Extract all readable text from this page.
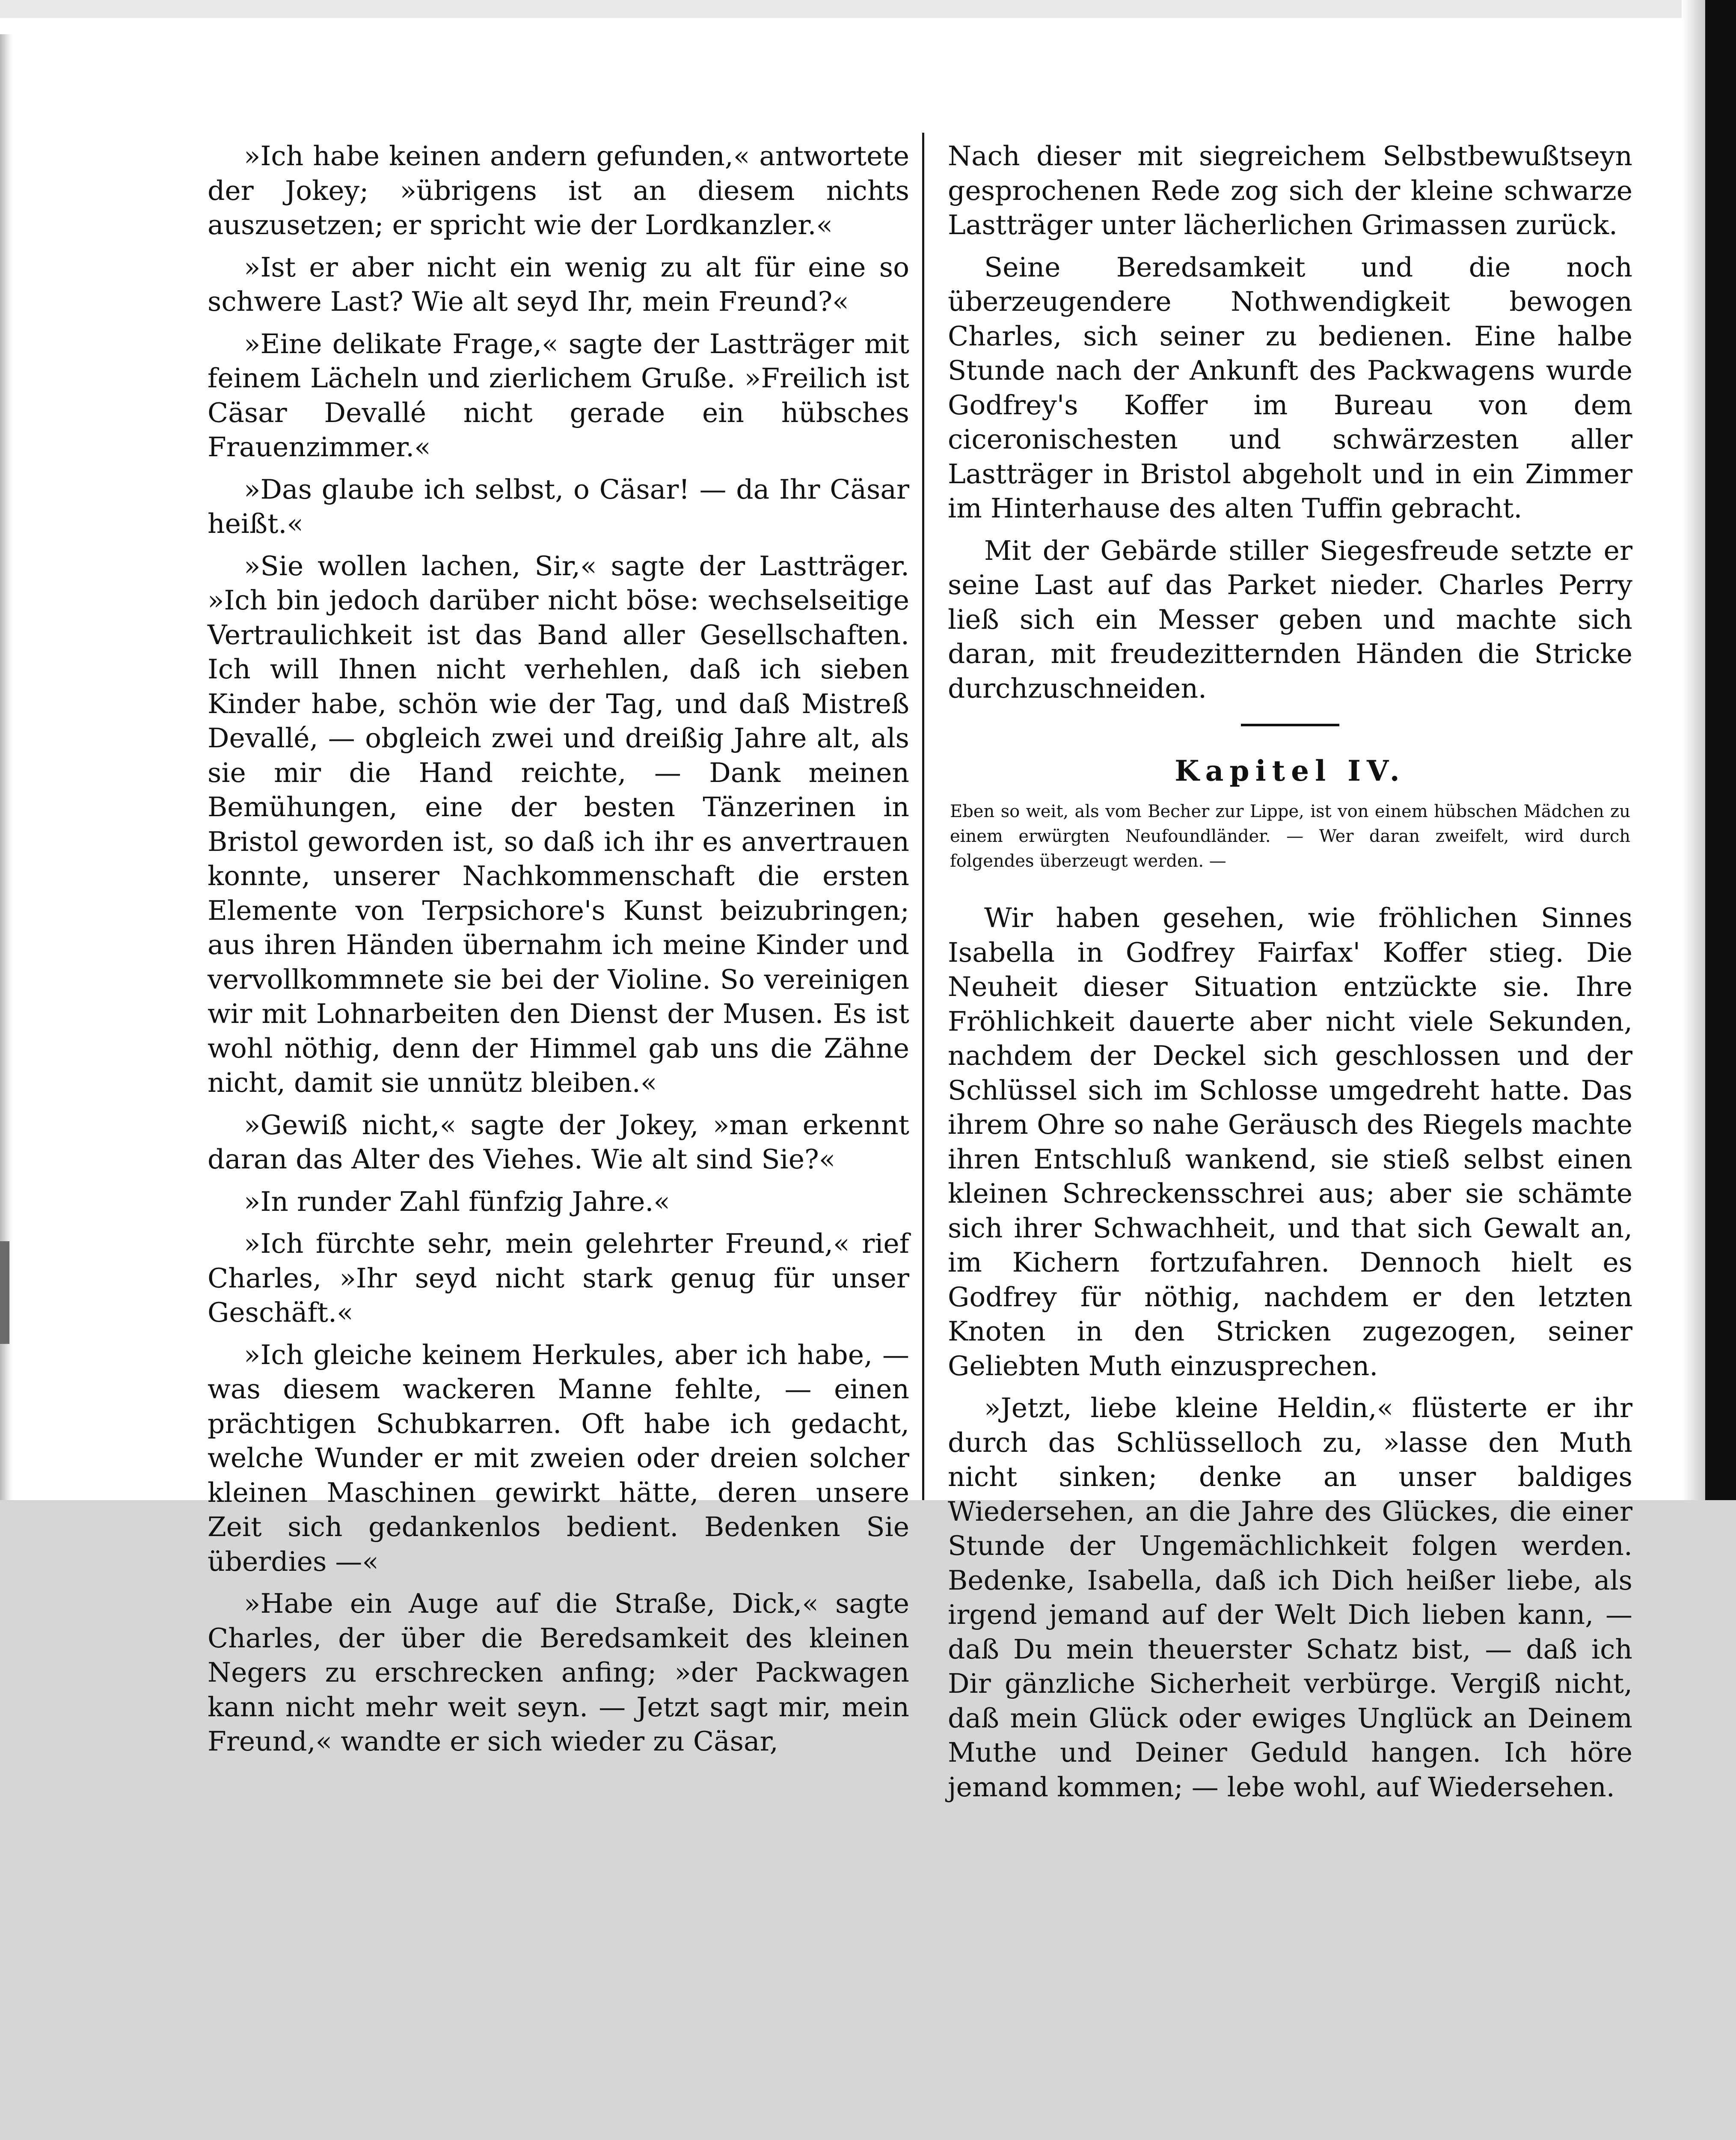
»Ich habe keinen andern gefunden,« antwortete der Jokey; »übrigens ist an diesem nichts auszusetzen; er spricht wie der Lordkanzler.«

»Ist er aber nicht ein wenig zu alt für eine so schwere Last? Wie alt seyd Ihr, mein Freund?«

»Eine delikate Frage,« sagte der Lastträger mit feinem Lächeln und zierlichem Gruße. »Freilich ist Cäsar Devallé nicht gerade ein hübsches Frauenzimmer.«

»Das glaube ich selbst, o Cäsar! — da Ihr Cäsar heißt.«

»Sie wollen lachen, Sir,« sagte der Lastträger. »Ich bin jedoch darüber nicht böse: wechselseitige Vertraulichkeit ist das Band aller Gesellschaften. Ich will Ihnen nicht verhehlen, daß ich sieben Kinder habe, schön wie der Tag, und daß Mistreß Devallé, — obgleich zwei und dreißig Jahre alt, als sie mir die Hand reichte, — Dank meinen Bemühungen, eine der besten Tänzerinen in Bristol geworden ist, so daß ich ihr es anvertrauen konnte, unserer Nachkommenschaft die ersten Elemente von Terpsichore's Kunst beizubringen; aus ihren Händen übernahm ich meine Kinder und vervollkommnete sie bei der Violine. So vereinigen wir mit Lohnarbeiten den Dienst der Musen. Es ist wohl nöthig, denn der Himmel gab uns die Zähne nicht, damit sie unnütz bleiben.«

»Gewiß nicht,« sagte der Jokey, »man erkennt daran das Alter des Viehes. Wie alt sind Sie?«

»In runder Zahl fünfzig Jahre.«

»Ich fürchte sehr, mein gelehrter Freund,« rief Charles, »Ihr seyd nicht stark genug für unser Geschäft.«

»Ich gleiche keinem Herkules, aber ich habe, — was diesem wackeren Manne fehlte, — einen prächtigen Schubkarren. Oft habe ich gedacht, welche Wunder er mit zweien oder dreien solcher kleinen Maschinen gewirkt hätte, deren unsere Zeit sich gedankenlos bedient. Bedenken Sie überdies —«

»Habe ein Auge auf die Straße, Dick,« sagte Charles, der über die Beredsamkeit des kleinen Negers zu erschrecken anfing; »der Packwagen kann nicht mehr weit seyn. — Jetzt sagt mir, mein Freund,« wandte er sich wieder zu Cäsar,

Nach dieser mit siegreichem Selbstbewußtseyn gesprochenen Rede zog sich der kleine schwarze Lastträger unter lächerlichen Grimassen zurück.

Seine Beredsamkeit und die noch überzeugendere Nothwendigkeit bewogen Charles, sich seiner zu bedienen. Eine halbe Stunde nach der Ankunft des Packwagens wurde Godfrey's Koffer im Bureau von dem ciceronischesten und schwärzesten aller Lastträger in Bristol abgeholt und in ein Zimmer im Hinterhause des alten Tuffin gebracht.

Mit der Gebärde stiller Siegesfreude setzte er seine Last auf das Parket nieder. Charles Perry ließ sich ein Messer geben und machte sich daran, mit freudezitternden Händen die Stricke durchzuschneiden.

Kapitel IV.
Eben so weit, als vom Becher zur Lippe, ist von einem hübschen Mädchen zu einem erwürgten Neufoundländer. — Wer daran zweifelt, wird durch folgendes überzeugt werden. —

Wir haben gesehen, wie fröhlichen Sinnes Isabella in Godfrey Fairfax' Koffer stieg. Die Neuheit dieser Situation entzückte sie. Ihre Fröhlichkeit dauerte aber nicht viele Sekunden, nachdem der Deckel sich geschlossen und der Schlüssel sich im Schlosse umgedreht hatte. Das ihrem Ohre so nahe Geräusch des Riegels machte ihren Entschluß wankend, sie stieß selbst einen kleinen Schreckensschrei aus; aber sie schämte sich ihrer Schwachheit, und that sich Gewalt an, im Kichern fortzufahren. Dennoch hielt es Godfrey für nöthig, nachdem er den letzten Knoten in den Stricken zugezogen, seiner Geliebten Muth einzusprechen.

»Jetzt, liebe kleine Heldin,« flüsterte er ihr durch das Schlüsselloch zu, »lasse den Muth nicht sinken; denke an unser baldiges Wiedersehen, an die Jahre des Glückes, die einer Stunde der Ungemächlichkeit folgen werden. Bedenke, Isabella, daß ich Dich heißer liebe, als irgend jemand auf der Welt Dich lieben kann, — daß Du mein theuerster Schatz bist, — daß ich Dir gänzliche Sicherheit verbürge. Vergiß nicht, daß mein Glück oder ewiges Unglück an Deinem Muthe und Deiner Geduld hangen. Ich höre jemand kommen; — lebe wohl, auf Wiedersehen.
